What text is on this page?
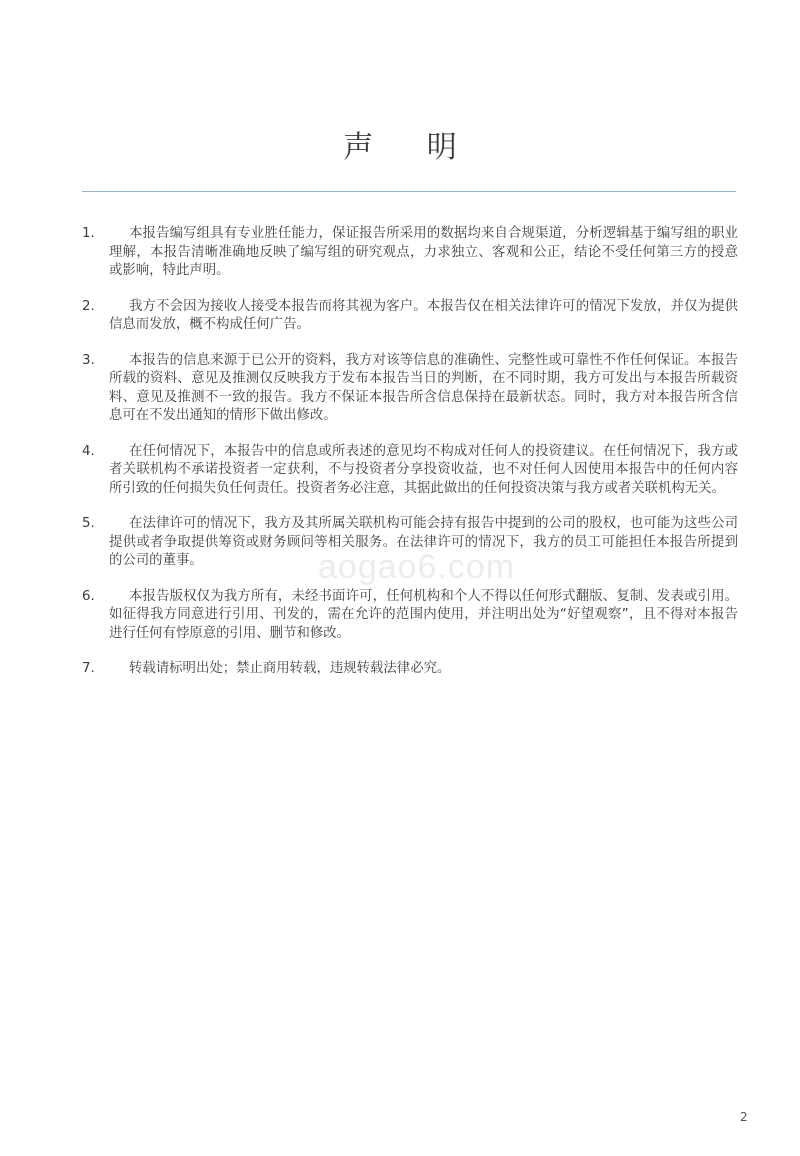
声 明
1.	本报告编写组具有专业胜任能力，保证报告所采用的数据均来自合规渠道，分析逻辑基于编写组的职业理解，本报告清晰准确地反映了编写组的研究观点，力求独立、客观和公正，结论不受任何第三方的授意或影响，特此声明。
2.	我方不会因为接收人接受本报告而将其视为客户。本报告仅在相关法律许可的情况下发放，并仅为提供信息而发放，概不构成任何广告。
3.	本报告的信息来源于已公开的资料，我方对该等信息的准确性、完整性或可靠性不作任何保证。本报告所载的资料、意见及推测仅反映我方于发布本报告当日的判断，在不同时期，我方可发出与本报告所载资料、意见及推测不一致的报告。我方不保证本报告所含信息保持在最新状态。同时，我方对本报告所含信息可在不发出通知的情形下做出修改。
4.	在任何情况下，本报告中的信息或所表述的意见均不构成对任何人的投资建议。在任何情况下，我方或者关联机构不承诺投资者一定获利，不与投资者分享投资收益，也不对任何人因使用本报告中的任何内容所引致的任何损失负任何责任。投资者务必注意，其据此做出的任何投资决策与我方或者关联机构无关。
5.	在法律许可的情况下，我方及其所属关联机构可能会持有报告中提到的公司的股权，也可能为这些公司提供或者争取提供筹资或财务顾问等相关服务。在法律许可的情况下，我方的员工可能担任本报告所提到的公司的董事。
6.	本报告版权仅为我方所有，未经书面许可，任何机构和个人不得以任何形式翻版、复制、发表或引用。如征得我方同意进行引用、刊发的，需在允许的范围内使用，并注明出处为“好望观察”，且不得对本报告进行任何有悖原意的引用、删节和修改。
7.	转载请标明出处；禁止商用转载，违规转载法律必究。
aogao6.com
2
